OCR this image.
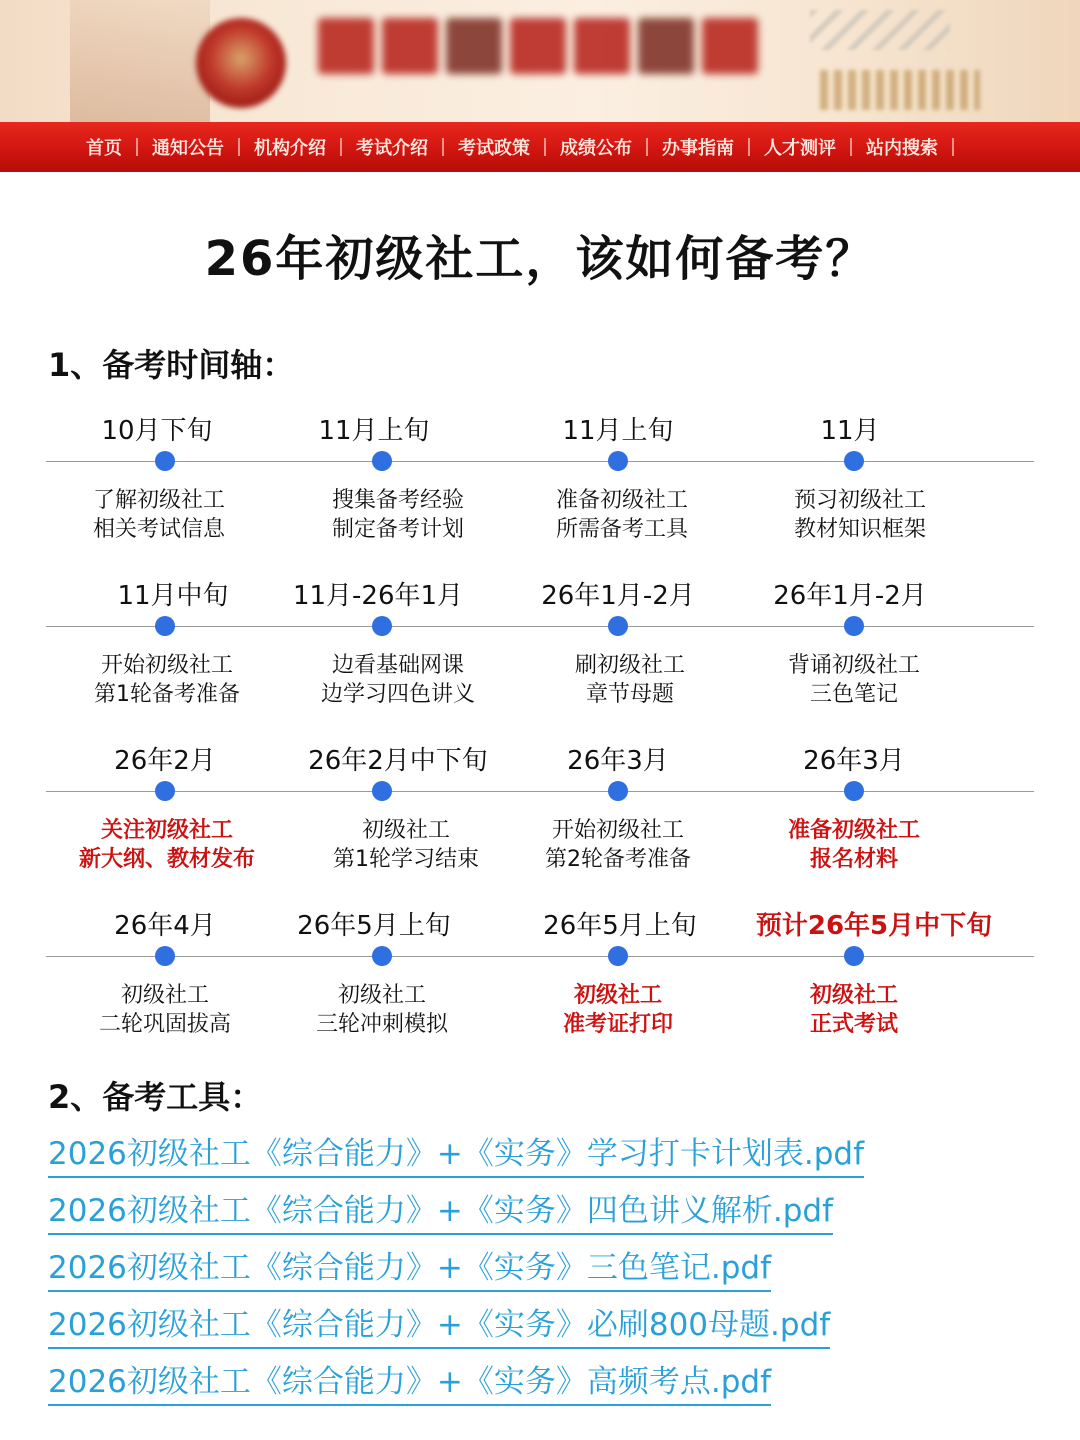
首页 通知公告 机构介绍 考试介绍 考试政策 成绩公布 办事指南 人才测评 站内搜索
26年初级社工，该如何备考？
1、备考时间轴：
10月下旬
了解初级社工
相关考试信息
11月上旬
搜集备考经验
制定备考计划
11月上旬
准备初级社工
所需备考工具
11月
预习初级社工
教材知识框架
11月中旬
开始初级社工
第1轮备考准备
11月-26年1月
边看基础网课
边学习四色讲义
26年1月-2月
刷初级社工
章节母题
26年1月-2月
背诵初级社工
三色笔记
26年2月
关注初级社工
新大纲、教材发布
26年2月中下旬
初级社工
第1轮学习结束
26年3月
开始初级社工
第2轮备考准备
26年3月
准备初级社工
报名材料
26年4月
初级社工
二轮巩固拔高
26年5月上旬
初级社工
三轮冲刺模拟
26年5月上旬
初级社工
准考证打印
预计26年5月中下旬
初级社工
正式考试
2、备考工具：
2026初级社工《综合能力》+《实务》学习打卡计划表.pdf
2026初级社工《综合能力》+《实务》四色讲义解析.pdf
2026初级社工《综合能力》+《实务》三色笔记.pdf
2026初级社工《综合能力》+《实务》必刷800母题.pdf
2026初级社工《综合能力》+《实务》高频考点.pdf
